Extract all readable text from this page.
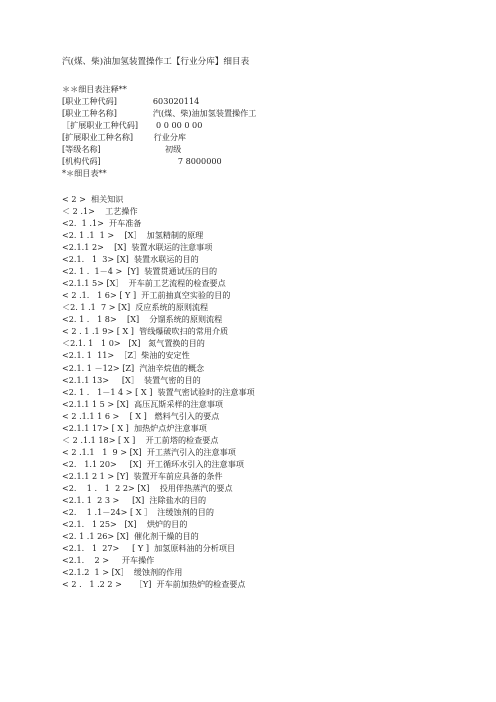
汽(煤、柴)油加氢装置操作工【行业分库】细目表
＊＊细目表注释**
[职业工种代码]              603020114
[职业工种名称]              汽(煤、柴)油加氢装置操作工
［扩展职业工种代码]       0 0 00 0 00
[扩展职业工种名称]        行业分库
[等级名称]                         初级
[机构代码]                              7 8000000
*＊细目表**
< 2 >  相关知识
＜ 2 .1>    工艺操作
<2.  1 .1>  开车准备
<2. 1 .1  1 >    [X］  加氢精制的原理
<2.1.1 2>    [X]  装置水联运的注意事项
<2.1.   1  3> [X]  装置水联运的目的
<2. 1 .  1－4 >  [Y]  装置贯通试压的目的
<2.1.1 5> [X］  开车前工艺流程的检查要点
< 2 .1.   1 6> [ Y ]  开工前抽真空实验的目的
＜2. 1 .1  7 > [X]  反应系统的原则流程
<2. 1 .   1 8>    [X]    分馏系统的原则流程
< 2 . 1 .1 9> [ X ]  管线爆破吹扫的常用介质
＜2.1. 1   1 0>   [X]   氮气置换的目的
<2.1. 1  11>  ［Z］柴油的安定性
<2.1. 1 －12> [Z]  汽油辛烷值的概念
<2.1.1 13>     [X］  装置气密的目的
<2. 1 .   1－1 4 > [ X ]  装置气密试验时的注意事项
<2.1.1 1 5 > [X]  高压瓦斯采样的注意事项
< 2 .1.1 1 6 >    [ X ]   燃料气引入的要点
<2.1.1 17> [ X ]  加热炉点炉注意事项
＜ 2 .1.1 18> [ X ]    开工前塔的检查要点
< 2 .1.1   1  9 > [X]  开工蒸汽引入的注意事项
<2.   1.1 20>     [X]  开工循环水引入的注意事项
<2.1.1 2 1 > [Y]  装置开车前应具备的条件
<2.    1 .   1  2 2> [X]    投用伴热蒸汽的要点
<2.1. 1  2 3 >     [X]  注除盐水的目的
<2.    1 .1－24> [ X ］  注缓蚀剂的目的
<2.1.   1 25>   [X]    烘炉的目的
<2. 1 .1 26> [X]  催化剂干燥的目的
<2.1.   1  27>     [ Y ]  加氢原料油的分析项目
<2.1.    2 >     开车操作
<2.1.2  1 > [X］  缓蚀剂的作用
< 2 .   1 .2 2 >     ［Y]  开车前加热炉的检查要点
